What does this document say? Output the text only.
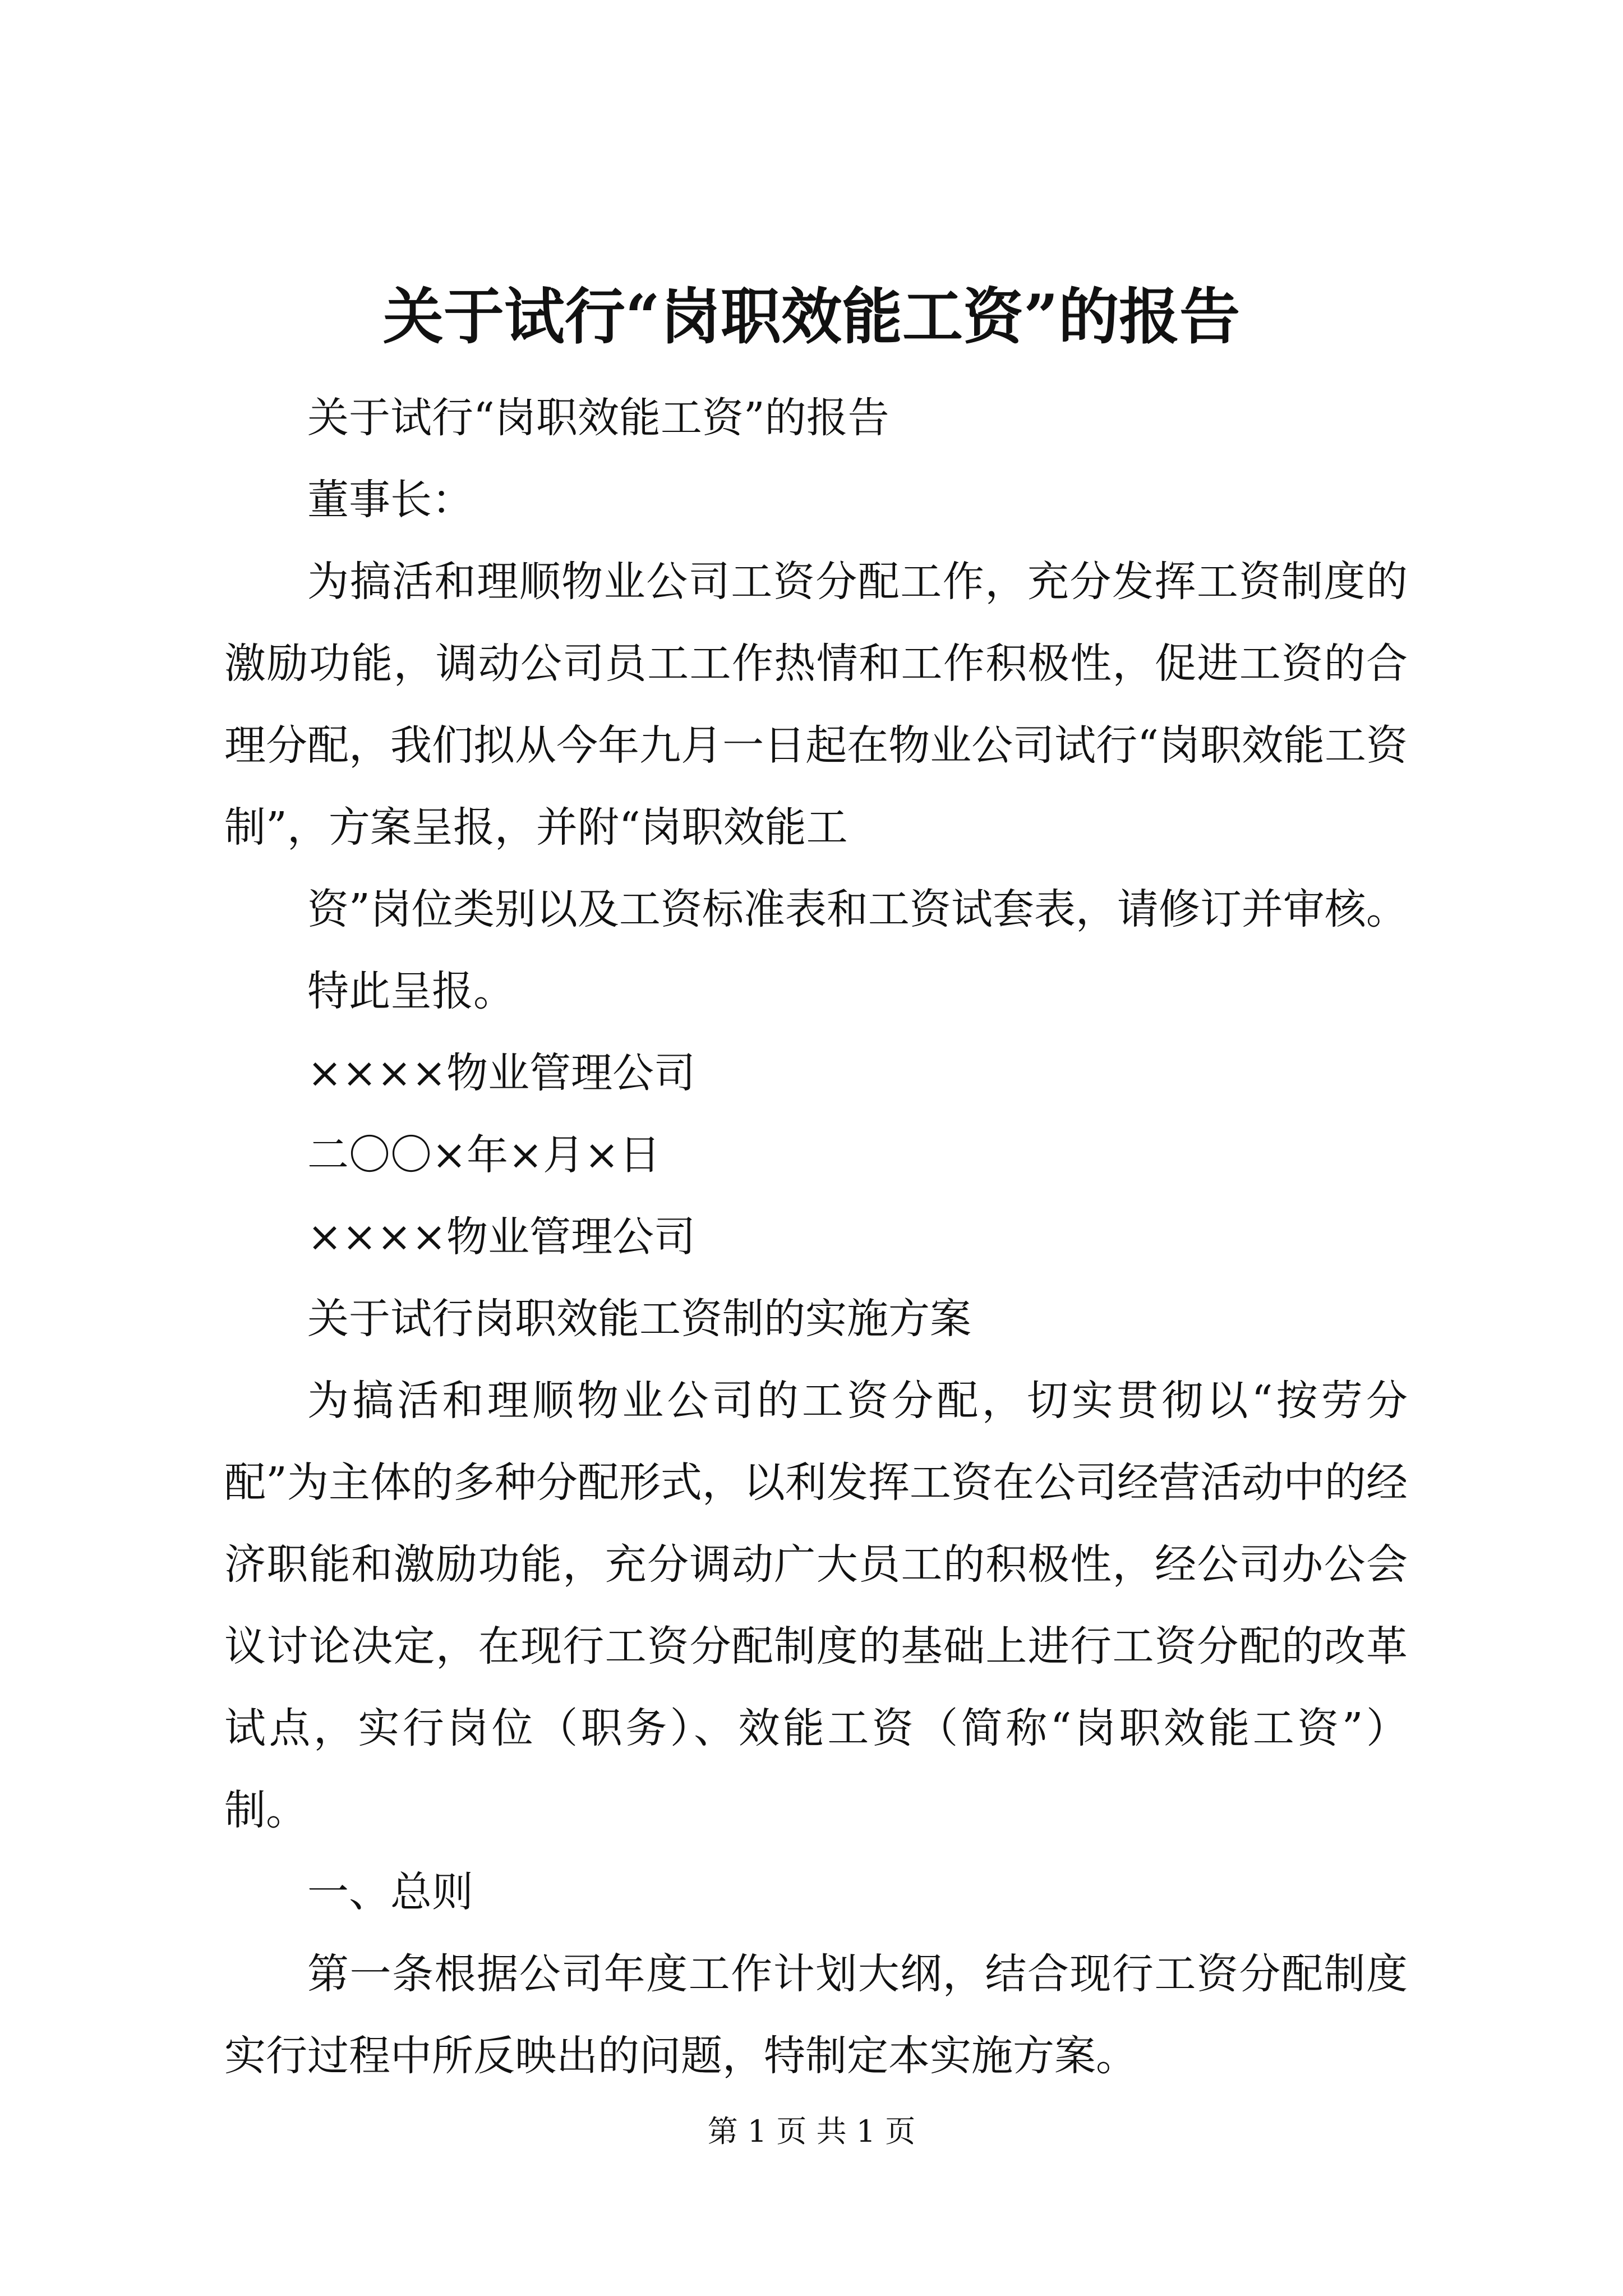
关于试行“岗职效能工资”的报告

关于试行“岗职效能工资”的报告

董事长：

为搞活和理顺物业公司工资分配工作，充分发挥工资制度的激励功能，调动公司员工工作热情和工作积极性，促进工资的合理分配，我们拟从今年九月一日起在物业公司试行“岗职效能工资制”，方案呈报，并附“岗职效能工

资”岗位类别以及工资标准表和工资试套表，请修订并审核。

特此呈报。

××××物业管理公司

二〇〇×年×月×日

××××物业管理公司

关于试行岗职效能工资制的实施方案

为搞活和理顺物业公司的工资分配，切实贯彻以“按劳分配”为主体的多种分配形式，以利发挥工资在公司经营活动中的经济职能和激励功能，充分调动广大员工的积极性，经公司办公会议讨论决定，在现行工资分配制度的基础上进行工资分配的改革试点，实行岗位（职务）、效能工资（简称“岗职效能工资”）制。

一、总则

第一条根据公司年度工作计划大纲，结合现行工资分配制度实行过程中所反映出的问题，特制定本实施方案。

第 1 页 共 1 页
